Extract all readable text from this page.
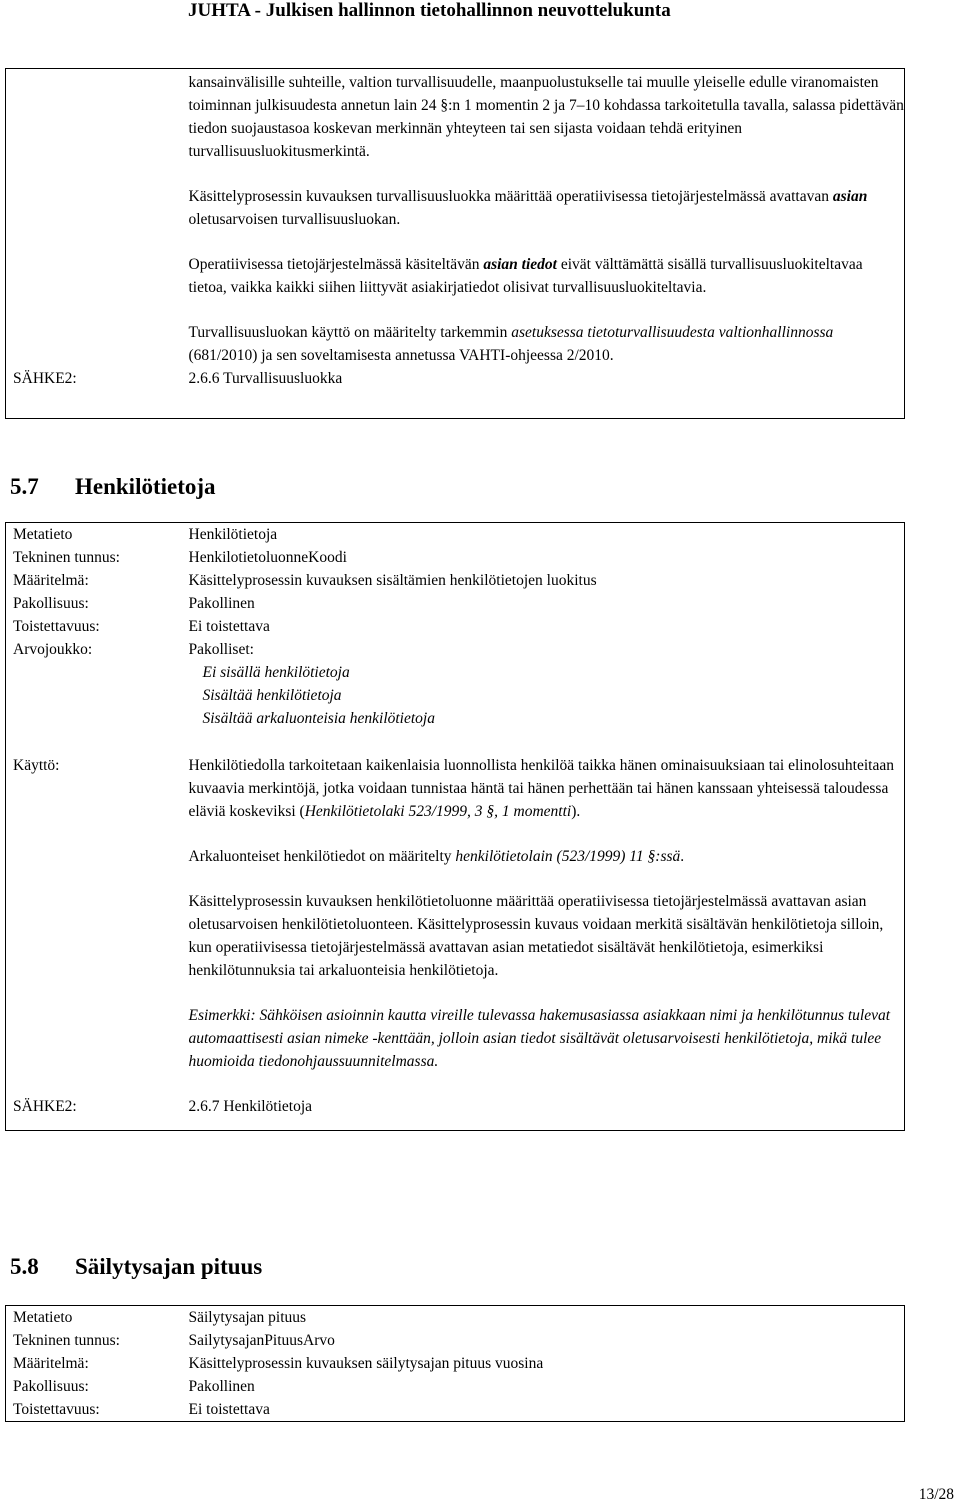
JUHTA - Julkisen hallinnon tietohallinnon neuvottelukunta

	kansainvälisille suhteille, valtion turvallisuudelle, maanpuolustukselle tai muulle yleiselle edulle viranomaisten toiminnan julkisuudesta annetun lain 24 §:n 1 momentin 2 ja 7–10 kohdassa tarkoitetulla tavalla, salassa pidettävän tiedon suojaustasoa koskevan merkinnän yhteyteen tai sen sijasta voidaan tehdä erityinen turvallisuusluokitusmerkintä.

Käsittelyprosessin kuvauksen turvallisuusluokka määrittää operatiivisessa tietojärjestelmässä avattavan asian oletusarvoisen turvallisuusluokan.

Operatiivisessa tietojärjestelmässä käsiteltävän asian tiedot eivät välttämättä sisällä turvallisuusluokiteltavaa tietoa, vaikka kaikki siihen liittyvät asiakirjatiedot olisivat turvallisuusluokiteltavia.

Turvallisuusluokan käyttö on määritelty tarkemmin asetuksessa tietoturvallisuudesta valtionhallinnossa (681/2010) ja sen soveltamisesta annetussa VAHTI-ohjeessa 2/2010.

SÄHKE2:	2.6.6 Turvallisuusluokka
5.7 Henkilötietoja
Metatieto	Henkilötietoja
Tekninen tunnus:	HenkilotietoluonneKoodi
Määritelmä:	Käsittelyprosessin kuvauksen sisältämien henkilötietojen luokitus
Pakollisuus:	Pakollinen
Toistettavuus:	Ei toistettava
Arvojoukko:	Pakolliset:
Ei sisällä henkilötietoja
Sisältää henkilötietoja
Sisältää arkaluonteisia henkilötietoja

Käyttö:	Henkilötiedolla tarkoitetaan kaikenlaisia luonnollista henkilöä taikka hänen ominaisuuksiaan tai elinolosuhteitaan kuvaavia merkintöjä, jotka voidaan tunnistaa häntä tai hänen perhettään tai hänen kanssaan yhteisessä taloudessa eläviä koskeviksi (Henkilötietolaki 523/1999, 3 §, 1 momentti).

Arkaluonteiset henkilötiedot on määritelty henkilötietolain (523/1999) 11 §:ssä.

Käsittelyprosessin kuvauksen henkilötietoluonne määrittää operatiivisessa tietojärjestelmässä avattavan asian oletusarvoisen henkilötietoluonteen. Käsittelyprosessin kuvaus voidaan merkitä sisältävän henkilötietoja silloin, kun operatiivisessa tietojärjestelmässä avattavan asian metatiedot sisältävät henkilötietoja, esimerkiksi henkilötunnuksia tai arkaluonteisia henkilötietoja.

Esimerkki: Sähköisen asioinnin kautta vireille tulevassa hakemusasiassa asiakkaan nimi ja henkilötunnus tulevat automaattisesti asian nimeke -kenttään, jolloin asian tiedot sisältävät oletusarvoisesti henkilötietoja, mikä tulee huomioida tiedonohjaussuunnitelmassa.

SÄHKE2:	2.6.7 Henkilötietoja
5.8 Säilytysajan pituus
Metatieto	Säilytysajan pituus
Tekninen tunnus:	SailytysajanPituusArvo
Määritelmä:	Käsittelyprosessin kuvauksen säilytysajan pituus vuosina
Pakollisuus:	Pakollinen
Toistettavuus:	Ei toistettava
13/28
